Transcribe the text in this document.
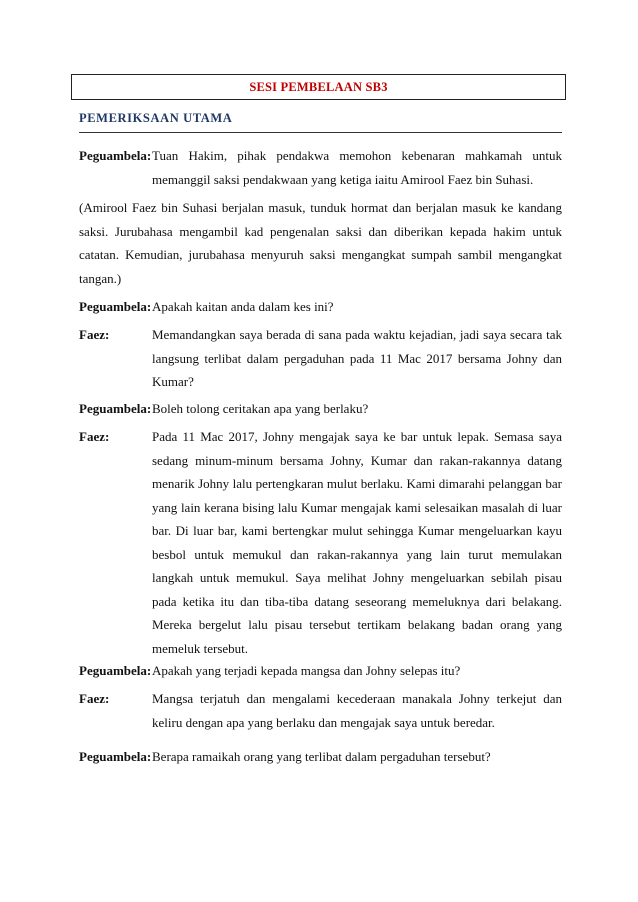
SESI PEMBELAAN SB3
PEMERIKSAAN UTAMA
Peguambela: Tuan Hakim, pihak pendakwa memohon kebenaran mahkamah untuk memanggil saksi pendakwaan yang ketiga iaitu Amirool Faez bin Suhasi.
(Amirool Faez bin Suhasi berjalan masuk, tunduk hormat dan berjalan masuk ke kandang saksi. Jurubahasa mengambil kad pengenalan saksi dan diberikan kepada hakim untuk catatan. Kemudian, jurubahasa menyuruh saksi mengangkat sumpah sambil mengangkat tangan.)
Peguambela: Apakah kaitan anda dalam kes ini?
Faez:	Memandangkan saya berada di sana pada waktu kejadian, jadi saya secara tak langsung terlibat dalam pergaduhan pada 11 Mac 2017 bersama Johny dan Kumar?
Peguambela: Boleh tolong ceritakan apa yang berlaku?
Faez:	Pada 11 Mac 2017, Johny mengajak saya ke bar untuk lepak. Semasa saya sedang minum-minum bersama Johny, Kumar dan rakan-rakannya datang menarik Johny lalu pertengkaran mulut berlaku. Kami dimarahi pelanggan bar yang lain kerana bising lalu Kumar mengajak kami selesaikan masalah di luar bar. Di luar bar, kami bertengkar mulut sehingga Kumar mengeluarkan kayu besbol untuk memukul dan rakan-rakannya yang lain turut memulakan langkah untuk memukul. Saya melihat Johny mengeluarkan sebilah pisau pada ketika itu dan tiba-tiba datang seseorang memeluknya dari belakang. Mereka bergelut lalu pisau tersebut tertikam belakang badan orang yang memeluk tersebut.
Peguambela: Apakah yang terjadi kepada mangsa dan Johny selepas itu?
Faez:	Mangsa terjatuh dan mengalami kecederaan manakala Johny terkejut dan keliru dengan apa yang berlaku dan mengajak saya untuk beredar.
Peguambela: Berapa ramaikah orang yang terlibat dalam pergaduhan tersebut?
